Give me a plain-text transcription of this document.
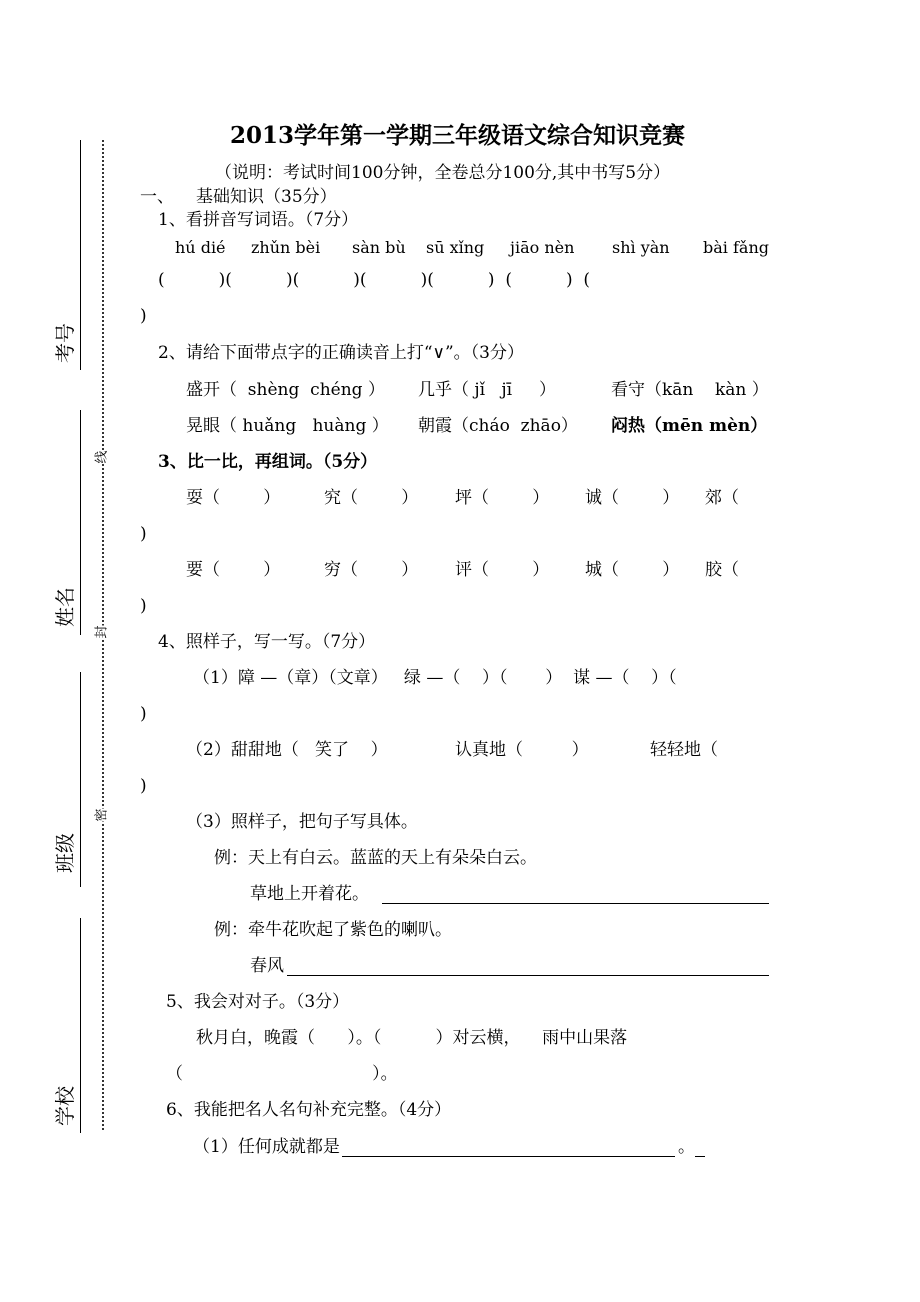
考号
姓名
班级
学校
线
封
密
2013学年第一学期三年级语文综合知识竞赛
（说明：考试时间100分钟，全卷总分100分,其中书写5分）
一、 基础知识（35分）
1、看拼音写词语。（7分）
hú dié zhǔn bèi sàn bù sū xǐng jiāo nèn shì yàn bài fǎng
(          )(          )(          )(          )(          )  (          )  (
)
2、请给下面带点字的正确读音上打“∨”。（3分）
盛开（  shèng  chéng ） 几乎（ jǐ   jī     ）	看守（kān    kàn ）
晃眼（ huǎng   huàng ） 朝霞（cháo  zhāo） 闷热（mēn mèn）
3、比一比，再组词。（5分）
耍（        ）	究（        ） 坪（        ） 诚（        ） 郊（
)
要（        ）	穷（        ） 评（        ） 城（        ） 胶（
)
4、照样子，写一写。（7分）
（1）障 —（章）（文章）   绿 —（    ）（       ）  谋 —（    ）（
)
（2）甜甜地（   笑了    ）	认真地（         ）	轻轻地（
)
（3）照样子，把句子写具体。
例：天上有白云。蓝蓝的天上有朵朵白云。
草地上开着花。
例：牵牛花吹起了紫色的喇叭。
春风
5、我会对对子。（3分）
秋月白，晚霞（      ）。（          ）对云横，    雨中山果落
（                                   ）。
6、我能把名人名句补充完整。（4分）
（1）任何成就都是	。
